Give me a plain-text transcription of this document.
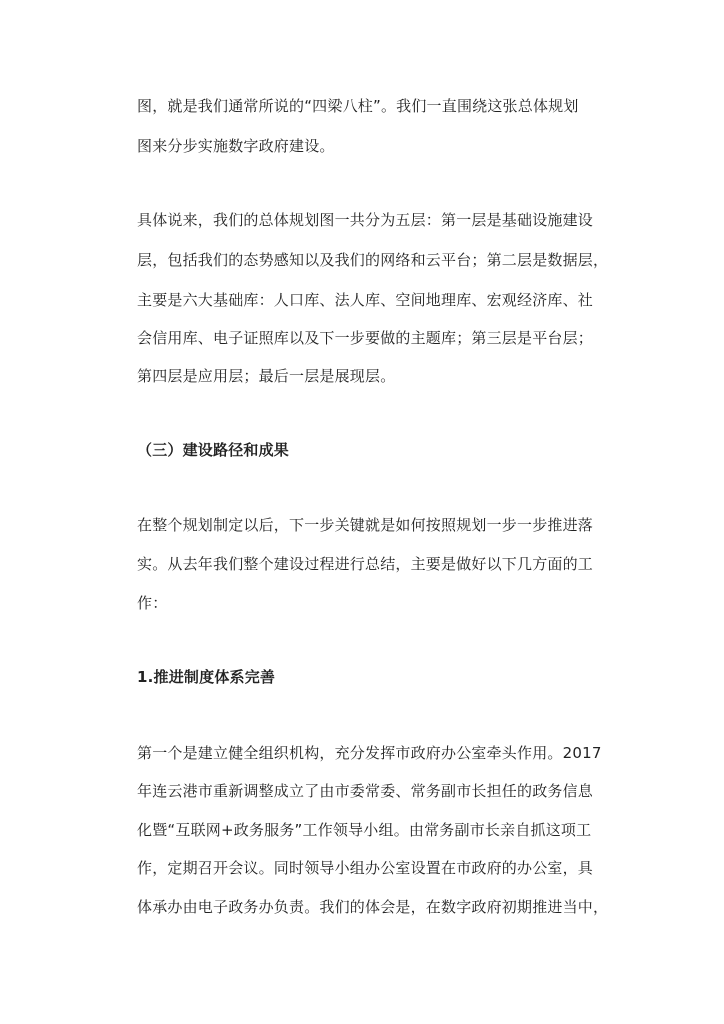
图，就是我们通常所说的“四梁八柱”。我们一直围绕这张总体规划
图来分步实施数字政府建设。
具体说来，我们的总体规划图一共分为五层：第一层是基础设施建设
层，包括我们的态势感知以及我们的网络和云平台；第二层是数据层，
主要是六大基础库：人口库、法人库、空间地理库、宏观经济库、社
会信用库、电子证照库以及下一步要做的主题库；第三层是平台层；
第四层是应用层；最后一层是展现层。
（三）建设路径和成果
在整个规划制定以后，下一步关键就是如何按照规划一步一步推进落
实。从去年我们整个建设过程进行总结，主要是做好以下几方面的工
作：
1.推进制度体系完善
第一个是建立健全组织机构，充分发挥市政府办公室牵头作用。2017
年连云港市重新调整成立了由市委常委、常务副市长担任的政务信息
化暨“互联网+政务服务”工作领导小组。由常务副市长亲自抓这项工
作，定期召开会议。同时领导小组办公室设置在市政府的办公室，具
体承办由电子政务办负责。我们的体会是，在数字政府初期推进当中，
